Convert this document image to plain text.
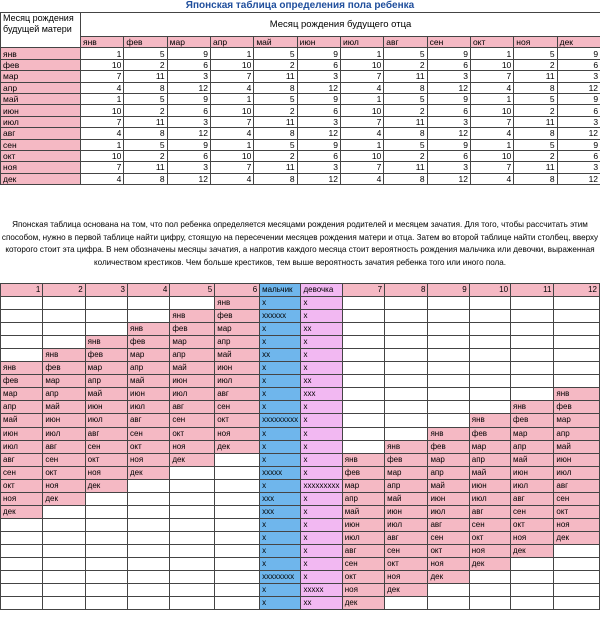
Японская таблица определения пола ребенка
Месяц рождения будущей матери	Месяц рождения будущего отца											
	янв	фев	мар	апр	май	июн	июл	авг	сен	окт	ноя	дек
янв	1	5	9	1	5	9	1	5	9	1	5	9
фев	10	2	6	10	2	6	10	2	6	10	2	6
мар	7	11	3	7	11	3	7	11	3	7	11	3
апр	4	8	12	4	8	12	4	8	12	4	8	12
май	1	5	9	1	5	9	1	5	9	1	5	9
июн	10	2	6	10	2	6	10	2	6	10	2	6
июл	7	11	3	7	11	3	7	11	3	7	11	3
авг	4	8	12	4	8	12	4	8	12	4	8	12
сен	1	5	9	1	5	9	1	5	9	1	5	9
окт	10	2	6	10	2	6	10	2	6	10	2	6
ноя	7	11	3	7	11	3	7	11	3	7	11	3
дек	4	8	12	4	8	12	4	8	12	4	8	12
Японская таблица основана на том, что пол ребенка определяется месяцами рождения родителей и месяцем зачатия. Для того, чтобы рассчитать этим способом, нужно в первой таблице найти цифру, стоящую на пересечении месяцев рождения матери и отца. Затем во второй таблице найти столбец, вверху которого стоит эта цифра. В нем обозначены месяцы зачатия, а напротив каждого месяца стоит вероятность рождения мальчика или девочки, выраженная количеством крестиков. Чем больше крестиков, тем выше вероятность зачатия ребенка того или иного пола.
1	2	3	4	5	6	мальчик	девочка	7	8	9	10	11	12
					янв	x	x						
				янв	фев	xxxxxx	x						
			янв	фев	мар	x	xx						
		янв	фев	мар	апр	x	x						
	янв	фев	мар	апр	май	xx	x						
янв	фев	мар	апр	май	июн	x	x						
фев	мар	апр	май	июн	июл	x	xx						
мар	апр	май	июн	июл	авг	x	xxx						янв
апр	май	июн	июл	авг	сен	x	x					янв	фев
май	июн	июл	авг	сен	окт	xxxxxxxxx	x				янв	фев	мар
июн	июл	авг	сен	окт	ноя	x	x			янв	фев	мар	апр
июл	авг	сен	окт	ноя	дек	x	x		янв	фев	мар	апр	май
авг	сен	окт	ноя	дек		x	x	янв	фев	мар	апр	май	июн
сен	окт	ноя	дек			xxxxx	x	фев	мар	апр	май	июн	июл
окт	ноя	дек				x	xxxxxxxxx	мар	апр	май	июн	июл	авг
ноя	дек					xxx	x	апр	май	июн	июл	авг	сен
дек						xxx	x	май	июн	июл	авг	сен	окт
						x	x	июн	июл	авг	сен	окт	ноя
						x	x	июл	авг	сен	окт	ноя	дек
						x	x	авг	сен	окт	ноя	дек	
						x	x	сен	окт	ноя	дек		
						xxxxxxxx	x	окт	ноя	дек			
						x	xxxxx	ноя	дек				
						x	xx	дек					
